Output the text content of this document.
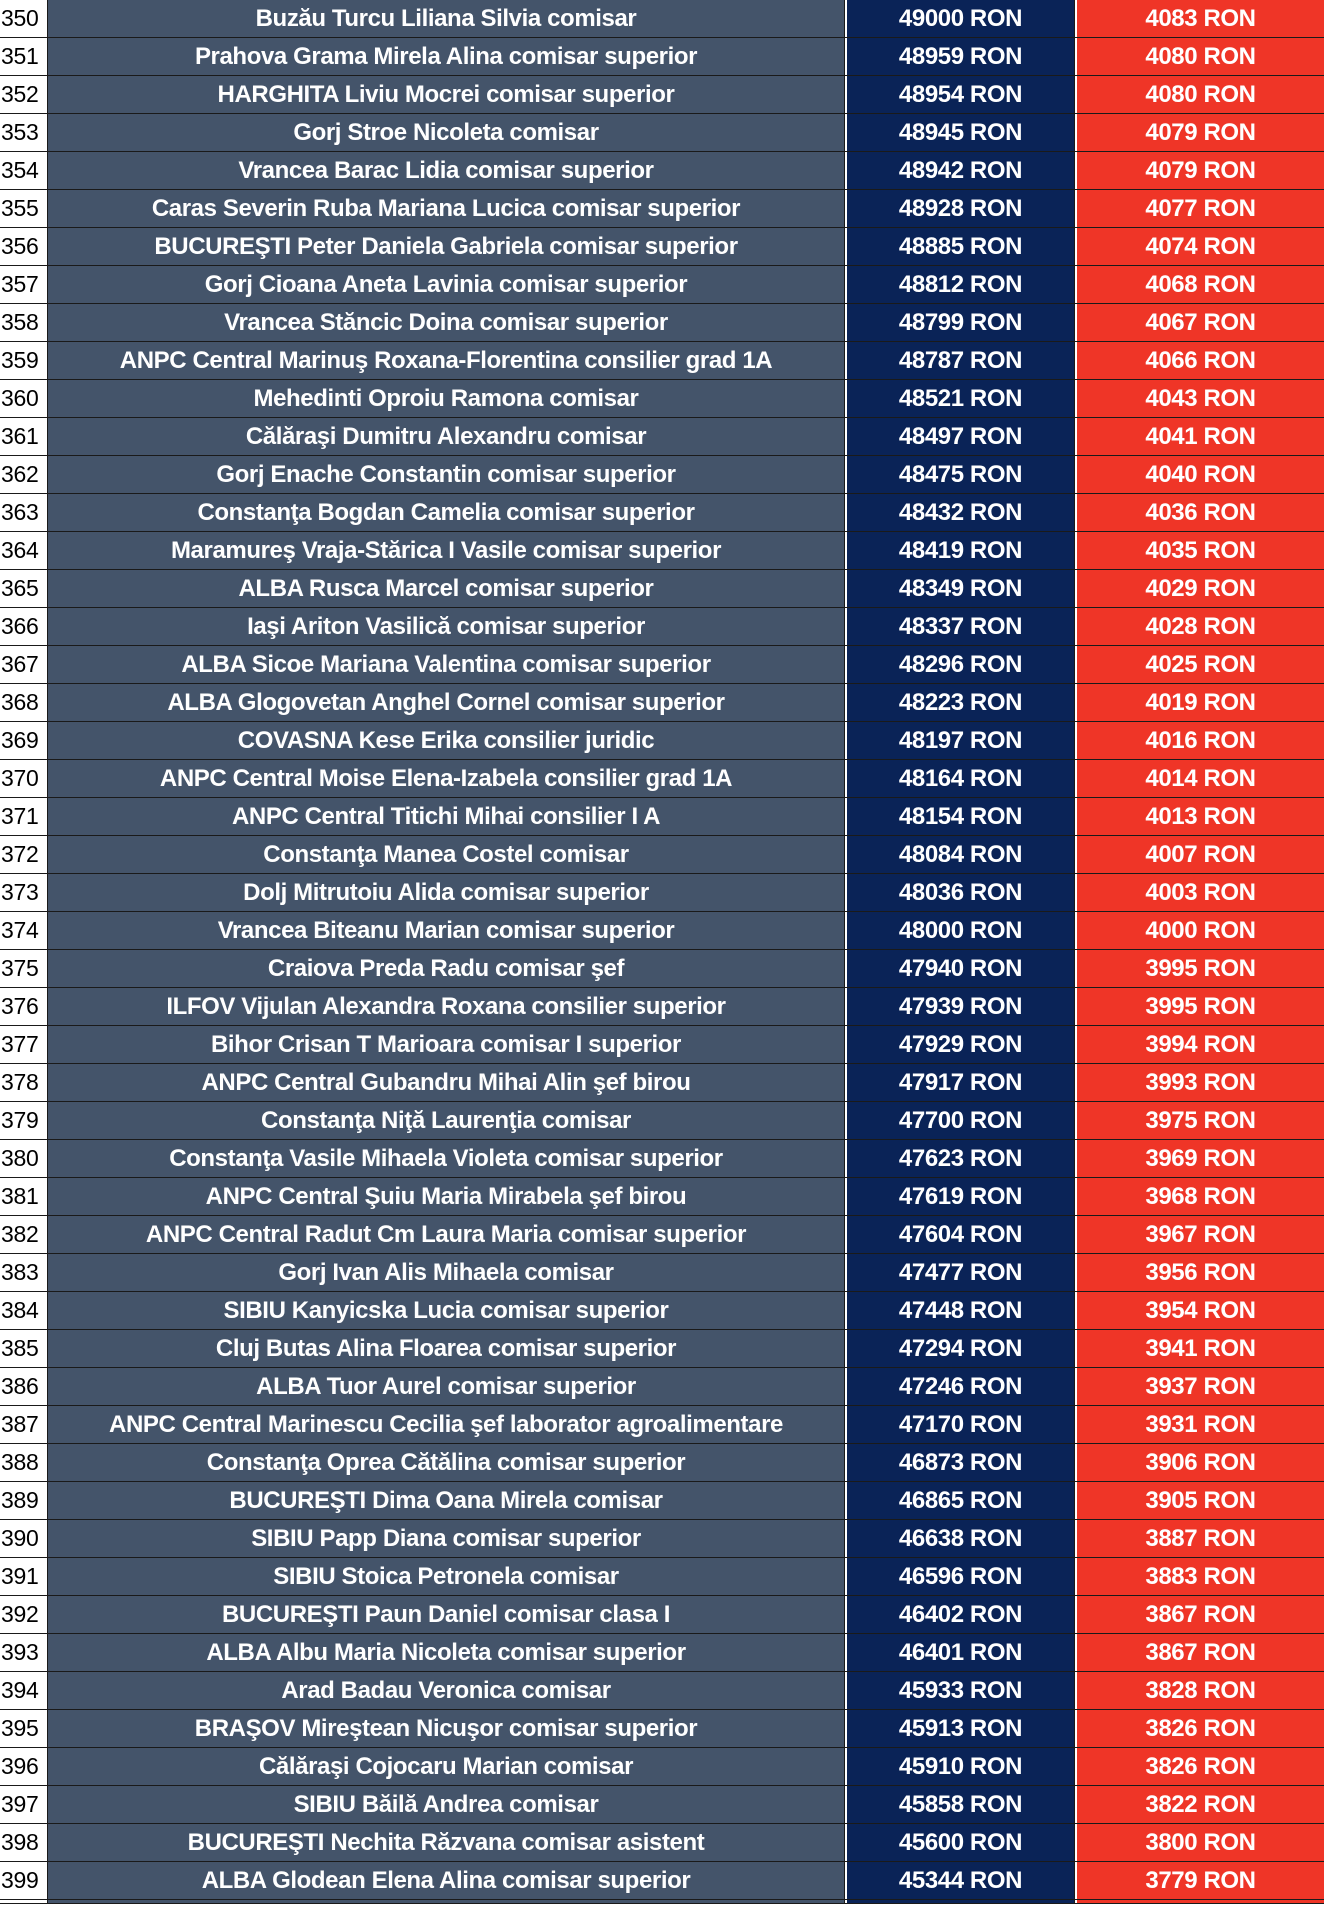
350	Buzău Turcu Liliana Silvia comisar	49000 RON	4083 RON
351	Prahova Grama Mirela Alina comisar superior	48959 RON	4080 RON
352	HARGHITA Liviu Mocrei comisar superior	48954 RON	4080 RON
353	Gorj Stroe Nicoleta comisar	48945 RON	4079 RON
354	Vrancea Barac Lidia comisar superior	48942 RON	4079 RON
355	Caras Severin Ruba Mariana Lucica comisar superior	48928 RON	4077 RON
356	BUCUREŞTI Peter Daniela Gabriela comisar superior	48885 RON	4074 RON
357	Gorj Cioana Aneta Lavinia comisar superior	48812 RON	4068 RON
358	Vrancea Stăncic Doina comisar superior	48799 RON	4067 RON
359	ANPC Central Marinuş Roxana-Florentina consilier grad 1A	48787 RON	4066 RON
360	Mehedinti Oproiu Ramona comisar	48521 RON	4043 RON
361	Călăraşi Dumitru Alexandru comisar	48497 RON	4041 RON
362	Gorj Enache Constantin comisar superior	48475 RON	4040 RON
363	Constanţa Bogdan Camelia comisar superior	48432 RON	4036 RON
364	Maramureş Vraja-Stărica I Vasile comisar superior	48419 RON	4035 RON
365	ALBA Rusca Marcel comisar superior	48349 RON	4029 RON
366	Iaşi Ariton Vasilică comisar superior	48337 RON	4028 RON
367	ALBA Sicoe Mariana Valentina comisar superior	48296 RON	4025 RON
368	ALBA Glogovetan Anghel Cornel comisar superior	48223 RON	4019 RON
369	COVASNA Kese Erika consilier juridic	48197 RON	4016 RON
370	ANPC Central Moise Elena-Izabela consilier grad 1A	48164 RON	4014 RON
371	ANPC Central Titichi Mihai consilier I A	48154 RON	4013 RON
372	Constanţa Manea Costel comisar	48084 RON	4007 RON
373	Dolj Mitrutoiu Alida comisar superior	48036 RON	4003 RON
374	Vrancea Biteanu Marian comisar superior	48000 RON	4000 RON
375	Craiova Preda Radu comisar şef	47940 RON	3995 RON
376	ILFOV Vijulan Alexandra Roxana consilier superior	47939 RON	3995 RON
377	Bihor Crisan T Marioara comisar I superior	47929 RON	3994 RON
378	ANPC Central Gubandru Mihai Alin şef birou	47917 RON	3993 RON
379	Constanţa Niţă Laurenţia comisar	47700 RON	3975 RON
380	Constanţa Vasile Mihaela Violeta comisar superior	47623 RON	3969 RON
381	ANPC Central Şuiu Maria Mirabela şef birou	47619 RON	3968 RON
382	ANPC Central Radut Cm Laura Maria comisar superior	47604 RON	3967 RON
383	Gorj Ivan Alis Mihaela comisar	47477 RON	3956 RON
384	SIBIU Kanyicska Lucia comisar superior	47448 RON	3954 RON
385	Cluj Butas Alina Floarea comisar superior	47294 RON	3941 RON
386	ALBA Tuor Aurel comisar superior	47246 RON	3937 RON
387	ANPC Central Marinescu Cecilia şef laborator agroalimentare	47170 RON	3931 RON
388	Constanţa Oprea Cătălina comisar superior	46873 RON	3906 RON
389	BUCUREŞTI Dima Oana Mirela comisar	46865 RON	3905 RON
390	SIBIU Papp Diana comisar superior	46638 RON	3887 RON
391	SIBIU Stoica Petronela comisar	46596 RON	3883 RON
392	BUCUREŞTI Paun Daniel comisar clasa I	46402 RON	3867 RON
393	ALBA Albu Maria Nicoleta comisar superior	46401 RON	3867 RON
394	Arad Badau Veronica comisar	45933 RON	3828 RON
395	BRAŞOV Mireştean Nicuşor comisar superior	45913 RON	3826 RON
396	Călăraşi Cojocaru Marian comisar	45910 RON	3826 RON
397	SIBIU Băilă Andrea comisar	45858 RON	3822 RON
398	BUCUREŞTI Nechita Răzvana comisar asistent	45600 RON	3800 RON
399	ALBA Glodean Elena Alina comisar superior	45344 RON	3779 RON
